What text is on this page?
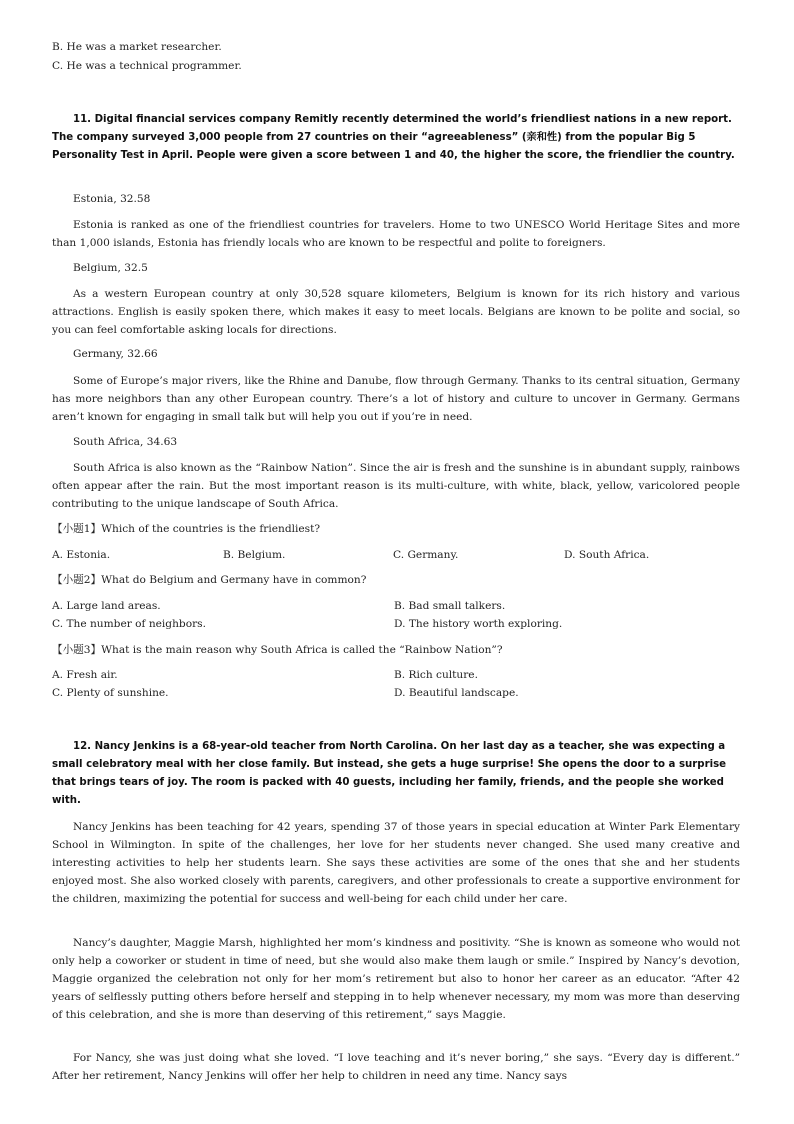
B. He was a market researcher.
C. He was a technical programmer.
11. Digital financial services company Remitly recently determined the world’s friendliest nations in a new report. The company surveyed 3,000 people from 27 countries on their “agreeableness” (亲和性) from the popular Big 5 Personality Test in April. People were given a score between 1 and 40, the higher the score, the friendlier the country.
Estonia, 32.58
Estonia is ranked as one of the friendliest countries for travelers. Home to two UNESCO World Heritage Sites and more than 1,000 islands, Estonia has friendly locals who are known to be respectful and polite to foreigners.
Belgium, 32.5
As a western European country at only 30,528 square kilometers, Belgium is known for its rich history and various attractions. English is easily spoken there, which makes it easy to meet locals. Belgians are known to be polite and social, so you can feel comfortable asking locals for directions.
Germany, 32.66
Some of Europe’s major rivers, like the Rhine and Danube, flow through Germany. Thanks to its central situation, Germany has more neighbors than any other European country. There’s a lot of history and culture to uncover in Germany. Germans aren’t known for engaging in small talk but will help you out if you’re in need.
South Africa, 34.63
South Africa is also known as the “Rainbow Nation”. Since the air is fresh and the sunshine is in abundant supply, rainbows often appear after the rain. But the most important reason is its multi-culture, with white, black, yellow, varicolored people contributing to the unique landscape of South Africa.
【小题1】Which of the countries is the friendliest?
A. Estonia.	B. Belgium.	C. Germany.	D. South Africa.
【小题2】What do Belgium and Germany have in common?
A. Large land areas.	B. Bad small talkers.
C. The number of neighbors.	D. The history worth exploring.
【小题3】What is the main reason why South Africa is called the “Rainbow Nation”?
A. Fresh air.	B. Rich culture.
C. Plenty of sunshine.	D. Beautiful landscape.
12. Nancy Jenkins is a 68-year-old teacher from North Carolina. On her last day as a teacher, she was expecting a small celebratory meal with her close family. But instead, she gets a huge surprise! She opens the door to a surprise that brings tears of joy. The room is packed with 40 guests, including her family, friends, and the people she worked with.
Nancy Jenkins has been teaching for 42 years, spending 37 of those years in special education at Winter Park Elementary School in Wilmington. In spite of the challenges, her love for her students never changed. She used many creative and interesting activities to help her students learn. She says these activities are some of the ones that she and her students enjoyed most. She also worked closely with parents, caregivers, and other professionals to create a supportive environment for the children, maximizing the potential for success and well-being for each child under her care.
Nancy’s daughter, Maggie Marsh, highlighted her mom’s kindness and positivity. “She is known as someone who would not only help a coworker or student in time of need, but she would also make them laugh or smile.” Inspired by Nancy’s devotion, Maggie organized the celebration not only for her mom’s retirement but also to honor her career as an educator. “After 42 years of selflessly putting others before herself and stepping in to help whenever necessary, my mom was more than deserving of this celebration, and she is more than deserving of this retirement,” says Maggie.
For Nancy, she was just doing what she loved. “I love teaching and it’s never boring,” she says. “Every day is different.” After her retirement, Nancy Jenkins will offer her help to children in need any time. Nancy says
